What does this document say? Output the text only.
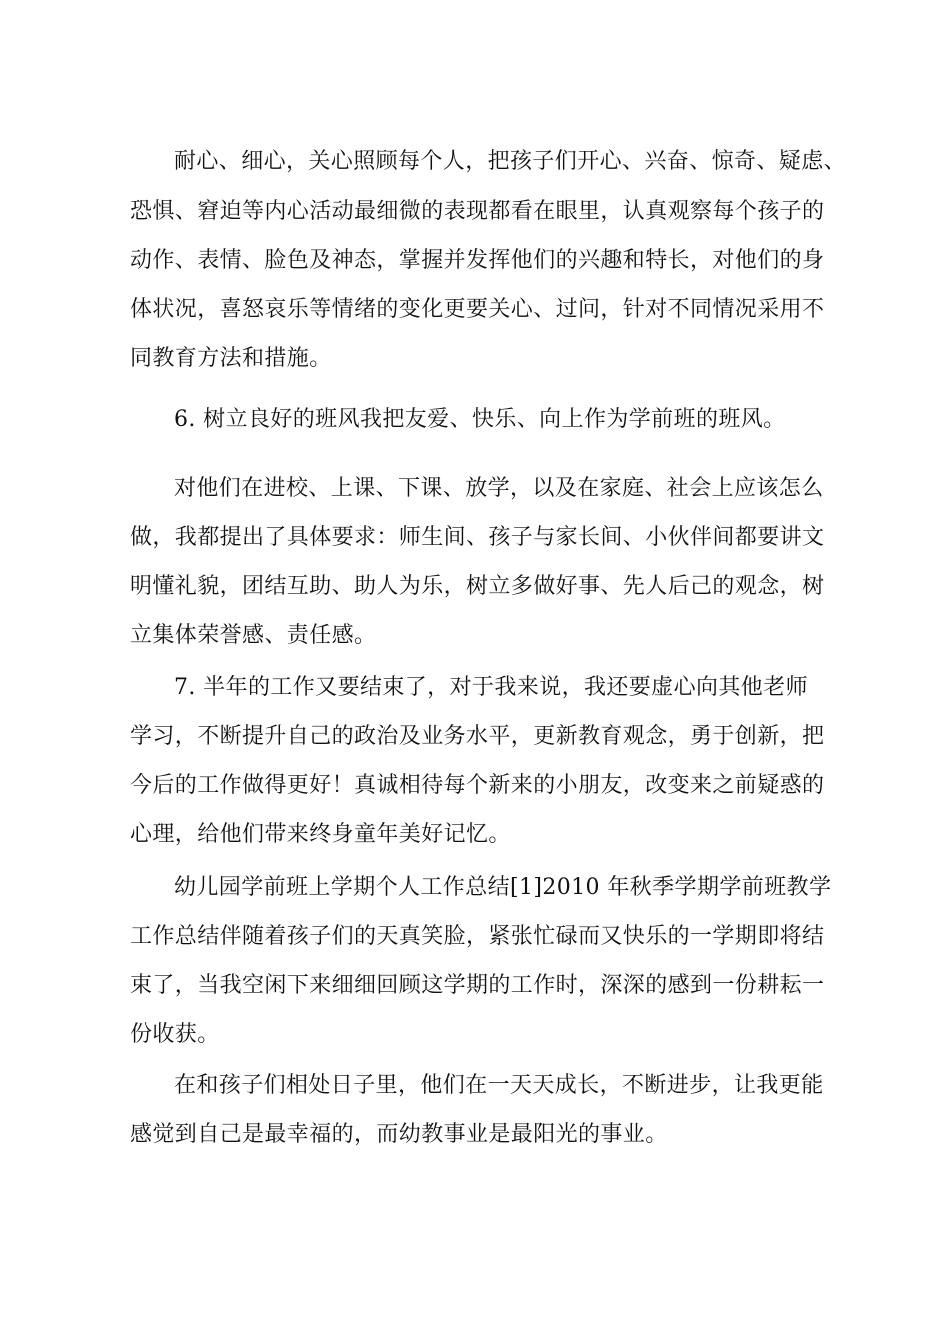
耐心、细心，关心照顾每个人，把孩子们开心、兴奋、惊奇、疑虑、
恐惧、窘迫等内心活动最细微的表现都看在眼里，认真观察每个孩子的
动作、表情、脸色及神态，掌握并发挥他们的兴趣和特长，对他们的身
体状况，喜怒哀乐等情绪的变化更要关心、过问，针对不同情况采用不
同教育方法和措施。
6. 树立良好的班风我把友爱、快乐、向上作为学前班的班风。
对他们在进校、上课、下课、放学，以及在家庭、社会上应该怎么
做，我都提出了具体要求：师生间、孩子与家长间、小伙伴间都要讲文
明懂礼貌，团结互助、助人为乐，树立多做好事、先人后己的观念，树
立集体荣誉感、责任感。
7. 半年的工作又要结束了，对于我来说，我还要虚心向其他老师
学习，不断提升自己的政治及业务水平，更新教育观念，勇于创新，把
今后的工作做得更好！真诚相待每个新来的小朋友，改变来之前疑惑的
心理，给他们带来终身童年美好记忆。
幼儿园学前班上学期个人工作总结[1]2010 年秋季学期学前班教学
工作总结伴随着孩子们的天真笑脸，紧张忙碌而又快乐的一学期即将结
束了，当我空闲下来细细回顾这学期的工作时，深深的感到一份耕耘一
份收获。
在和孩子们相处日子里，他们在一天天成长，不断进步，让我更能
感觉到自己是最幸福的，而幼教事业是最阳光的事业。
